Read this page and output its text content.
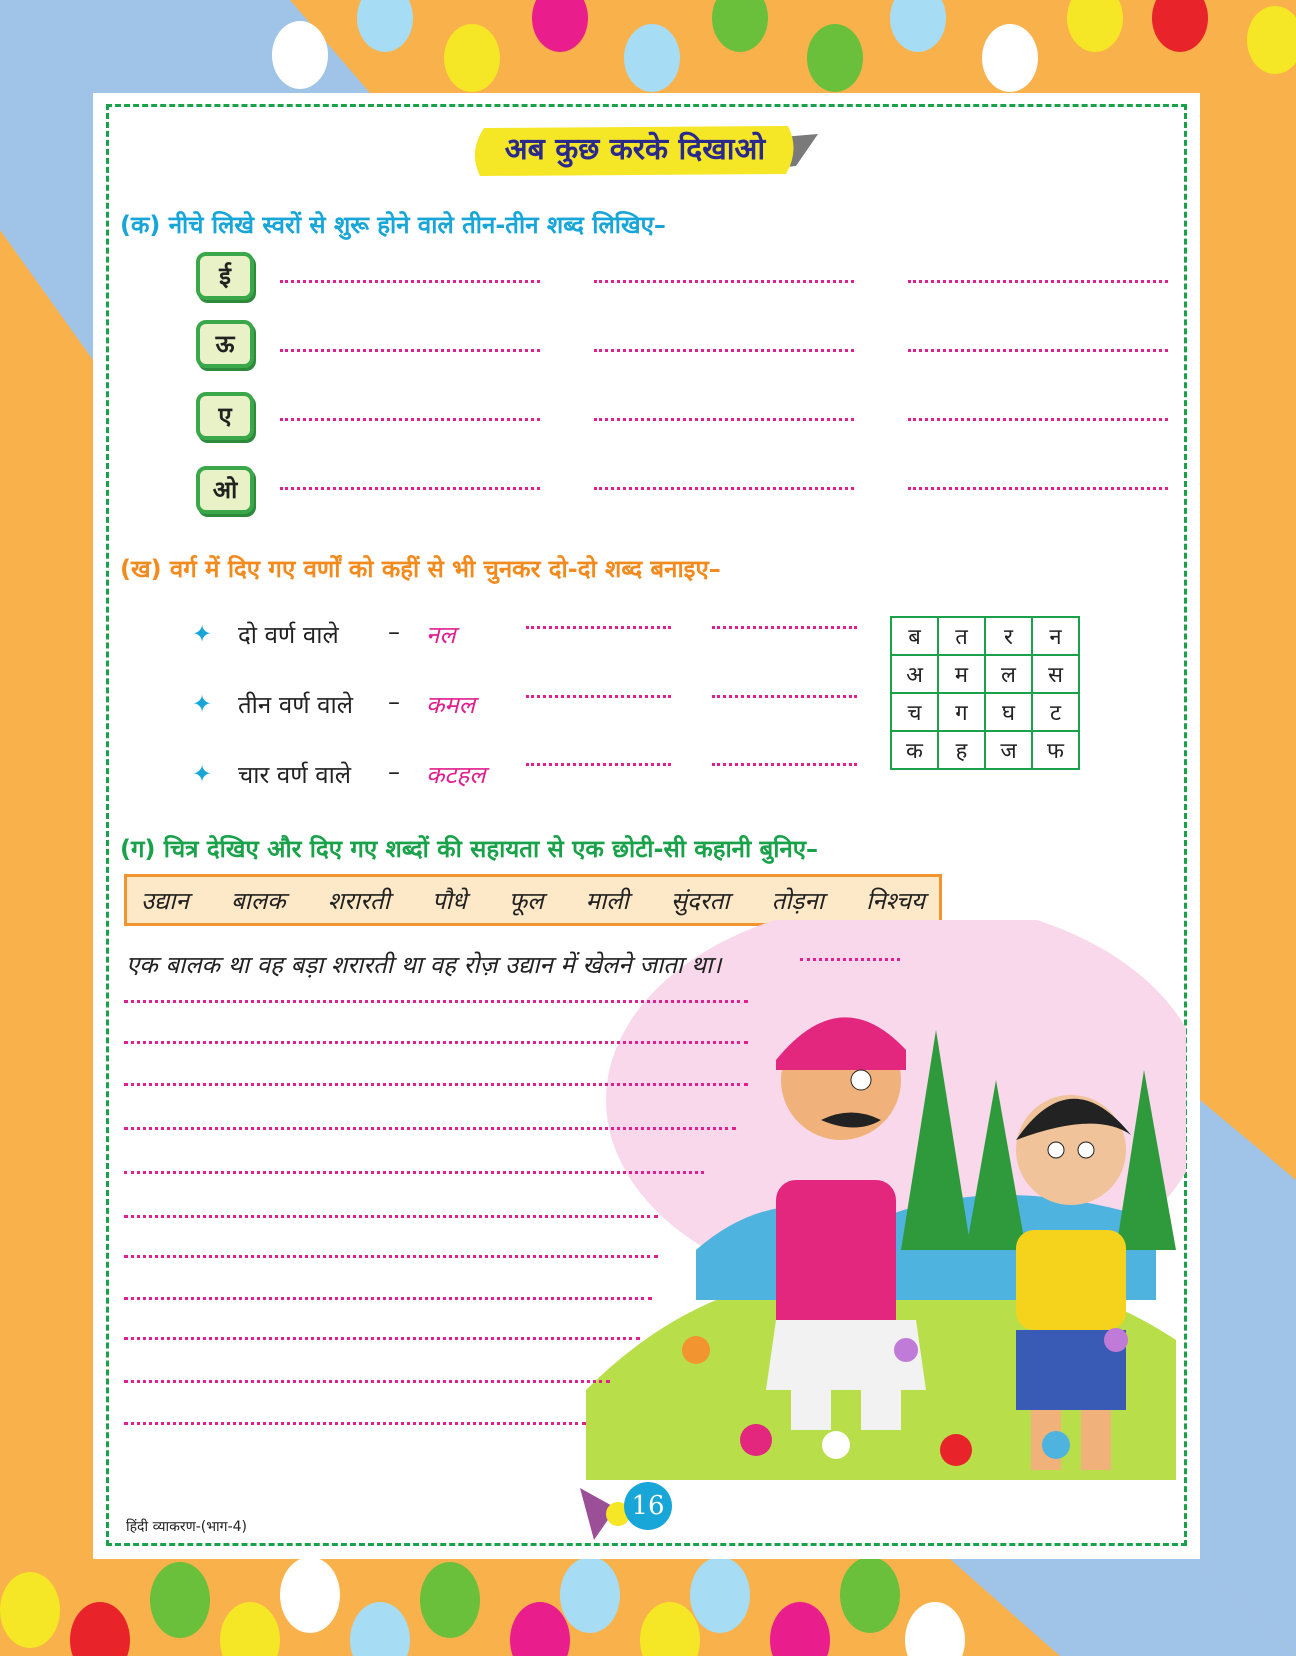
अब कुछ करके दिखाओ
(क) नीचे लिखे स्वरों से शुरू होने वाले तीन-तीन शब्द लिखिए–
ई
ऊ
ए
ओ
(ख) वर्ग में दिए गए वर्णों को कहीं से भी चुनकर दो-दो शब्द बनाइए–
✦ दो वर्ण वाले – नल
✦ तीन वर्ण वाले – कमल
✦ चार वर्ण वाले – कटहल
ब	त	र	न
अ	म	ल	स
च	ग	घ	ट
क	ह	ज	फ
(ग) चित्र देखिए और दिए गए शब्दों की सहायता से एक छोटी-सी कहानी बुनिए–
उद्यान बालक शरारती पौधे फूल माली सुंदरता तोड़ना निश्चय
एक बालक था वह बड़ा शरारती था वह रोज़ उद्यान में खेलने जाता था।
हिंदी व्याकरण-(भाग-4)
16
